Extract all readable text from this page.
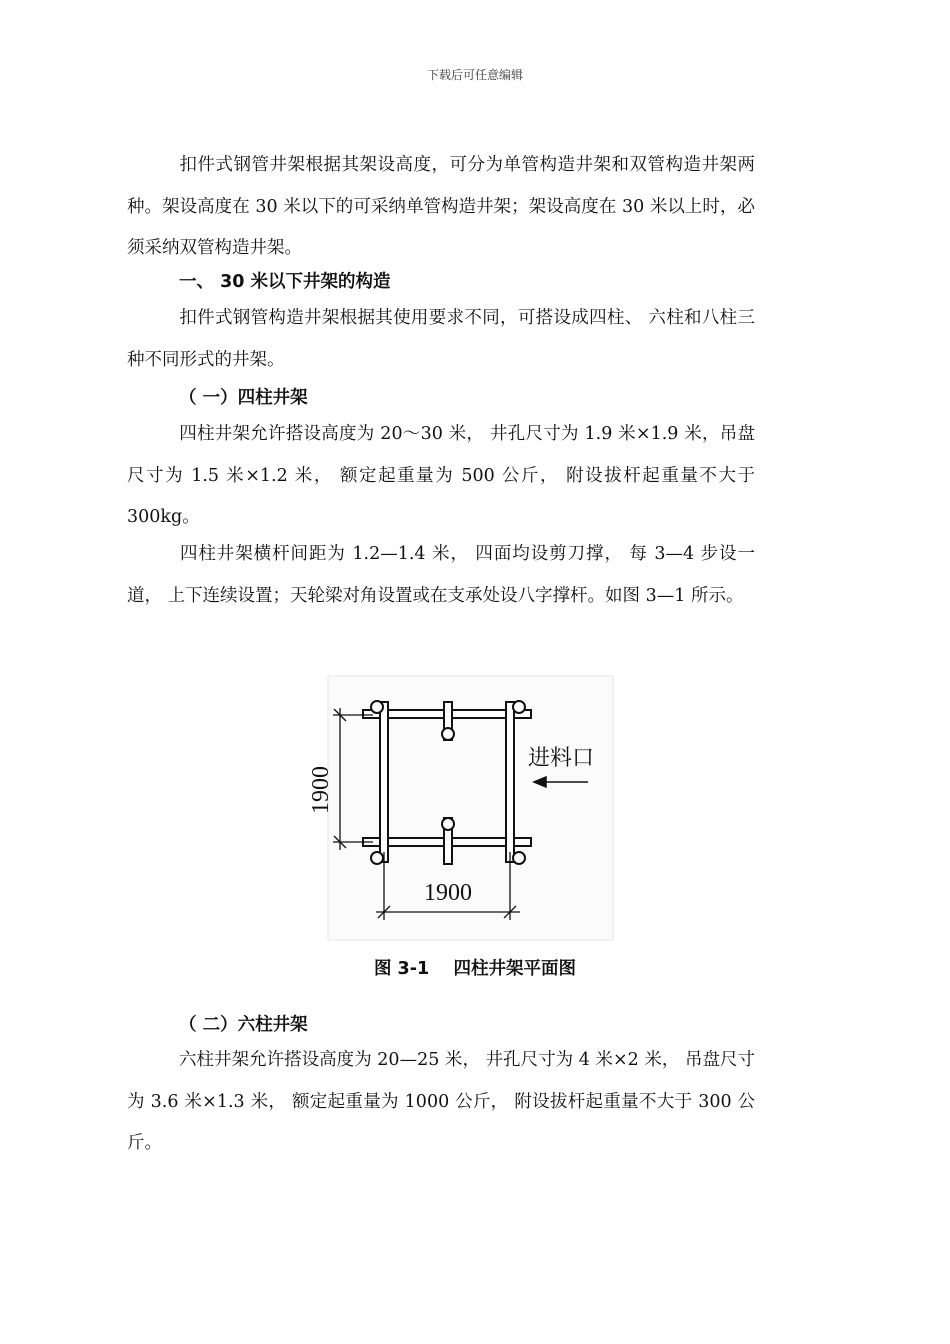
下载后可任意编辑

扣件式钢管井架根据其架设高度，可分为单管构造井架和双管构造井架两种。架设高度在 30 米以下的可采纳单管构造井架；架设高度在 30 米以上时，必须采纳双管构造井架。

一、 30 米以下井架的构造

扣件式钢管构造井架根据其使用要求不同，可搭设成四柱、 六柱和八柱三种不同形式的井架。

（ 一）四柱井架

四柱井架允许搭设高度为 20～30 米， 井孔尺寸为 1.9 米×1.9 米，吊盘尺寸为 1.5 米×1.2 米， 额定起重量为 500 公斤， 附设拔杆起重量不大于 300kg。

四柱井架横杆间距为 1.2—1.4 米， 四面均设剪刀撑， 每 3—4 步设一道， 上下连续设置；天轮梁对角设置或在支承处设八字撑杆。如图 3—1 所示。

1900
1900
进料口
图 3-1 四柱井架平面图
（ 二）六柱井架

六柱井架允许搭设高度为 20—25 米， 井孔尺寸为 4 米×2 米， 吊盘尺寸为 3.6 米×1.3 米， 额定起重量为 1000 公斤， 附设拔杆起重量不大于 300 公斤。
